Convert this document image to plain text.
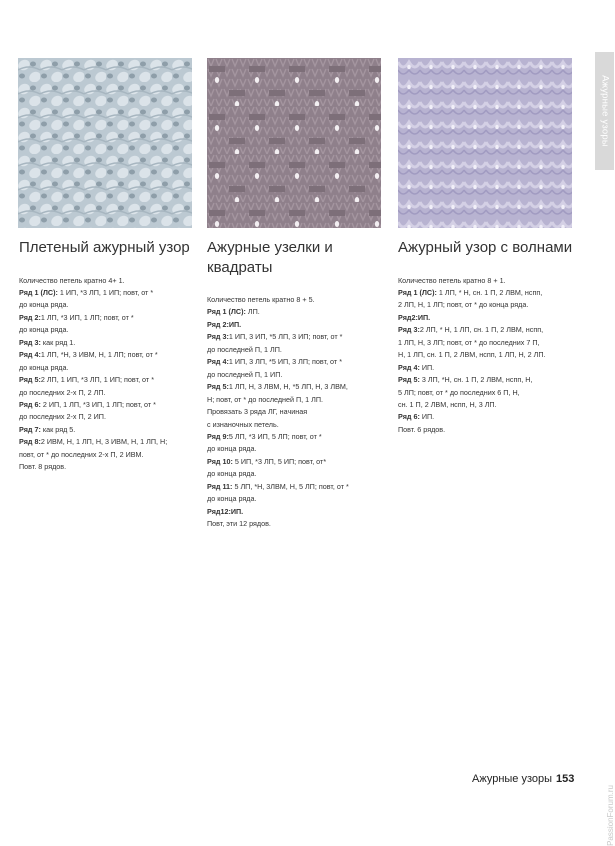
Ажурные узоры
Плетеный ажурный узор
Количество петель кратно 4+ 1.
Ряд 1 (ЛС): 1 ИП, *3 ЛП, 1 ИП; повт, от *
до конца ряда.
Ряд 2:1 ЛП, *3 ИП, 1 ЛП; повт, от *
до конца ряда.
Ряд 3: как ряд 1.
Ряд 4:1 ЛП, *Н, 3 ИВМ, Н, 1 ЛП; повт, от *
до конца ряда.
Ряд 5:2 ЛП, 1 ИП, *3 ЛП, 1 ИП; повт, от *
до последних 2-х П, 2 ЛП.
Ряд 6: 2 ИП, 1 ЛП, *3 ИП, 1 ЛП; повт, от *
до последних 2-х П, 2 ИП.
Ряд 7: как ряд 5.
Ряд 8:2 ИВМ, Н, 1 ЛП, Н, 3 ИВМ, Н, 1 ЛП, Н;
повт, от * до последних 2-х П, 2 ИВМ.
Повт. 8 рядов.
Ажурные узелки и квадраты
Количество петель кратно 8 + 5.
Ряд 1 (ЛС): ЛП.
Ряд 2:ИП.
Ряд 3:1 ИП, 3 ИП, *5 ЛП, 3 ИП; повт, от *
до последней П, 1 ЛП.
Ряд 4:1 ИП, 3 ЛП, *5 ИП, 3 ЛП; повт, от *
до последней П, 1 ИП.
Ряд 5:1 ЛП, Н, 3 ЛВМ, Н, *5 ЛП, Н, 3 ЛВМ,
Н; повт, от * до последней П, 1 ЛП.
Провязать 3 ряда ЛГ, начиная
с изнаночных петель.
Ряд 9:5 ЛП, *3 ИП, 5 ЛП; повт, от *
до конца ряда.
Ряд 10: 5 ИП, *3 ЛП, 5 ИП; повт, от*
до конца ряда.
Ряд 11: 5 ЛП, *Н, 3ЛВМ, Н, 5 ЛП; повт, от *
до конца ряда.
Ряд12:ИП.
Повт, эти 12 рядов.
Ажурный узор с волнами
Количество петель кратно 8 + 1.
Ряд 1 (ЛС): 1 ЛП, * Н, сн. 1 П, 2 ЛВМ, нспп,
2 ЛП, Н, 1 ЛП; повт, от * до конца ряда.
Ряд2:ИП.
Ряд 3:2 ЛП, * Н, 1 ЛП, сн. 1 П, 2 ЛВМ, нспп,
1 ЛП, Н, 3 ЛП; повт, от * до последних 7 П,
Н, 1 ЛП, сн. 1 П, 2 ЛВМ, нспп, 1 ЛП, Н, 2 ЛП.
Ряд 4: ИП.
Ряд 5: 3 ЛП, *Н, сн. 1 П, 2 ЛВМ, нспп, Н,
5 ЛП; повт, от * до последних 6 П, Н,
сн. 1 П, 2 ЛВМ, нспп, Н, 3 ЛП.
Ряд 6: ИП.
Повт. 6 рядов.
Ажурные узоры 153
PassionForum.ru
